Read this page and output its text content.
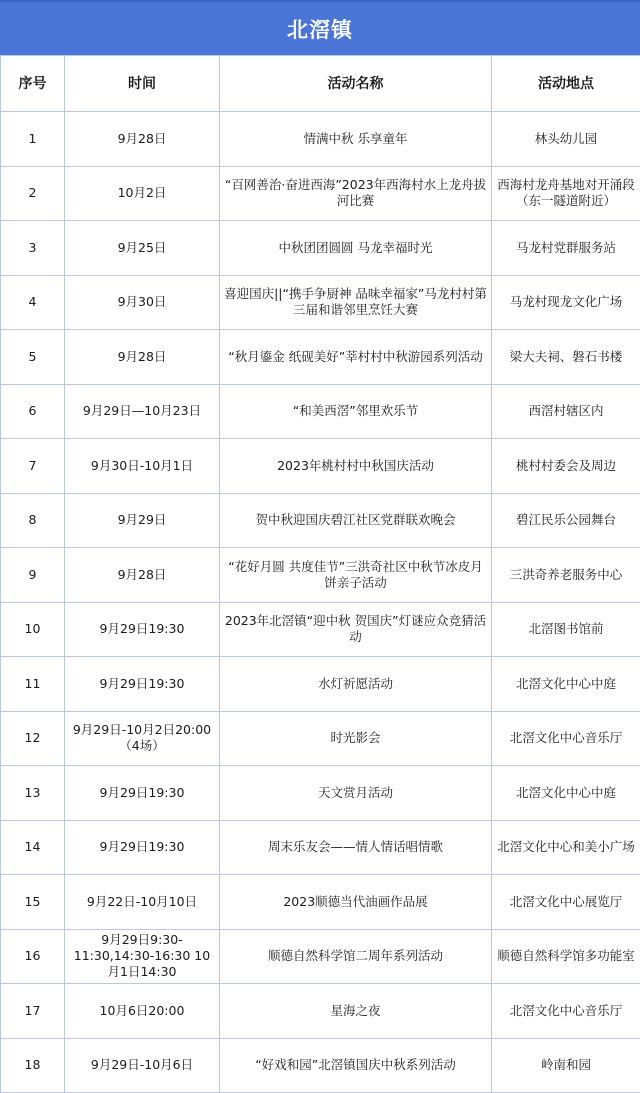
北滘镇
序号	时间	活动名称	活动地点
1	9月28日	情满中秋 乐享童年	林头幼儿园
2	10月2日	“百网善治·奋进西海”2023年西海村水上龙舟拔河比赛	西海村龙舟基地对开涌段（东一隧道附近）
3	9月25日	中秋团团圆圆 马龙幸福时光	马龙村党群服务站
4	9月30日	喜迎国庆||“携手争厨神 品味幸福家”马龙村村第三届和谐邻里烹饪大赛	马龙村现龙文化广场
5	9月28日	“秋月鎏金 纸砚美好”莘村村中秋游园系列活动	梁大夫祠、磐石书楼
6	9月29日—10月23日	“和美西滘”邻里欢乐节	西滘村辖区内
7	9月30日-10月1日	2023年桃村村中秋国庆活动	桃村村委会及周边
8	9月29日	贺中秋迎国庆碧江社区党群联欢晚会	碧江民乐公园舞台
9	9月28日	“花好月圆 共度佳节”三洪奇社区中秋节冰皮月饼亲子活动	三洪奇养老服务中心
10	9月29日19:30	2023年北滘镇“迎中秋 贺国庆”灯谜应众竞猜活动	北滘图书馆前
11	9月29日19:30	水灯祈愿活动	北滘文化中心中庭
12	9月29日-10月2日20:00（4场）	时光影会	北滘文化中心音乐厅
13	9月29日19:30	天文赏月活动	北滘文化中心中庭
14	9月29日19:30	周末乐友会——情人情话唱情歌	北滘文化中心和美小广场
15	9月22日-10月10日	2023顺德当代油画作品展	北滘文化中心展览厅
16	9月29日9:30-11:30,14:30-16:30 10月1日14:30	顺德自然科学馆二周年系列活动	顺德自然科学馆多功能室
17	10月6日20:00	星海之夜	北滘文化中心音乐厅
18	9月29日-10月6日	“好戏和园”北滘镇国庆中秋系列活动	岭南和园
